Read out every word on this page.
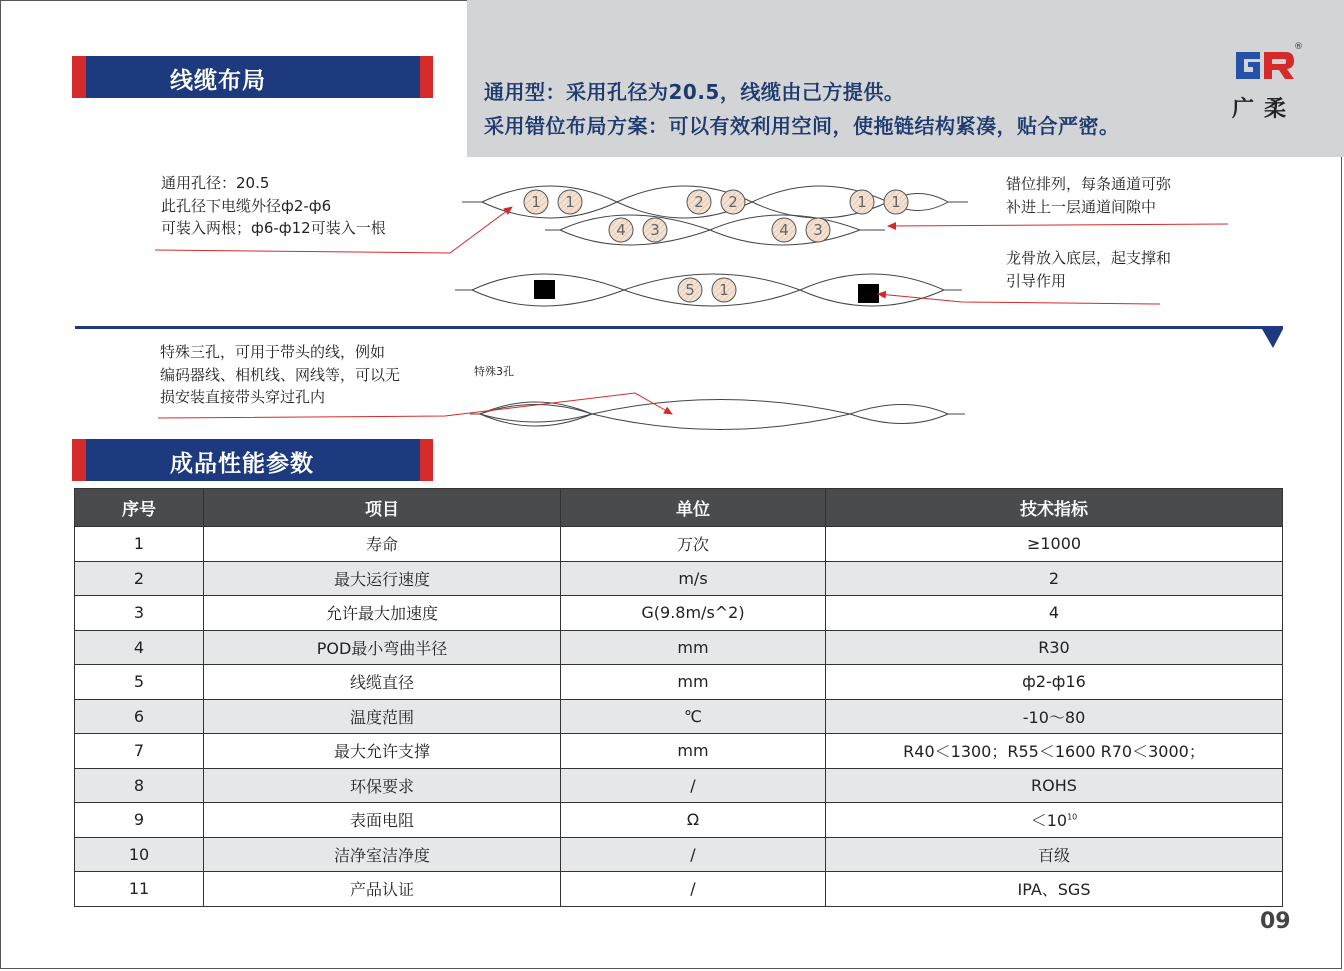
通用型：采用孔径为20.5，线缆由己方提供。
采用错位布局方案：可以有效利用空间，使拖链结构紧凑，贴合严密。
®
广柔
线缆布局
通用孔径：20.5
此孔径下电缆外径ф2-ф6
可装入两根；ф6-ф12可装入一根
错位排列，每条通道可弥
补进上一层通道间隙中
龙骨放入底层，起支撑和
引导作用
特殊三孔，可用于带头的线，例如
编码器线、相机线、网线等，可以无
损安装直接带头穿过孔内
特殊3孔
1 1	2 2	1 1
4 3	4 3
5 1
成品性能参数
序号	项目	单位	技术指标
1	寿命	万次	≥1000
2	最大运行速度	m/s	2
3	允许最大加速度	G(9.8m/s^2)	4
4	POD最小弯曲半径	mm	R30
5	线缆直径	mm	ф2-ф16
6	温度范围	℃	-10～80
7	最大允许支撑	mm	R40＜1300；R55＜1600 R70＜3000；
8	环保要求	/	ROHS
9	表面电阻	Ω	$<10^{10}$
10	洁净室洁净度	/	百级
11	产品认证	/	IPA、SGS
09
